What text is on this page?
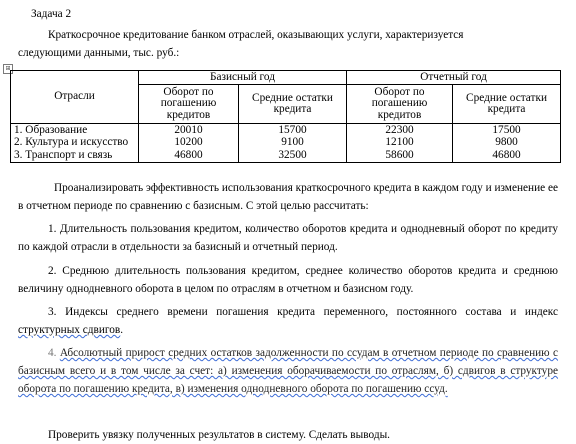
Задача 2
Краткосрочное кредитование банком отраслей, оказывающих услуги, характеризуется
следующими данными, тыс. руб.:
⊞
Отрасли	Базисный год		Отчетный год	
	Оборот по погашению кредитов	Средние остатки кредита	Оборот по погашению кредитов	Средние остатки кредита
1. Образование	20010	15700	22300	17500
2. Культура и искусство	10200	9100	12100	9800
3. Транспорт и связь	46800	32500	58600	46800
Проанализировать эффективность использования краткосрочного кредита в каждом году и изменение ее в отчетном периоде по сравнению с базисным. С этой целью рассчитать:
1. Длительность пользования кредитом, количество оборотов кредита и однодневный оборот по кредиту по каждой отрасли в отдельности за базисный и отчетный период.
2. Среднюю длительность пользования кредитом, среднее количество оборотов кредита и среднюю величину однодневного оборота в целом по отраслям в отчетном и базисном году.
3. Индексы среднего времени погашения кредита переменного, постоянного состава и индекс структурных сдвигов.
4. Абсолютный прирост средних остатков задолженности по ссудам в отчетном периоде по сравнению с базисным всего и в том числе за счет: а) изменения оборачиваемости по отраслям, б) сдвигов в структуре оборота по погашению кредита, в) изменения однодневного оборота по погашению ссуд.
Проверить увязку полученных результатов в систему. Сделать выводы.
